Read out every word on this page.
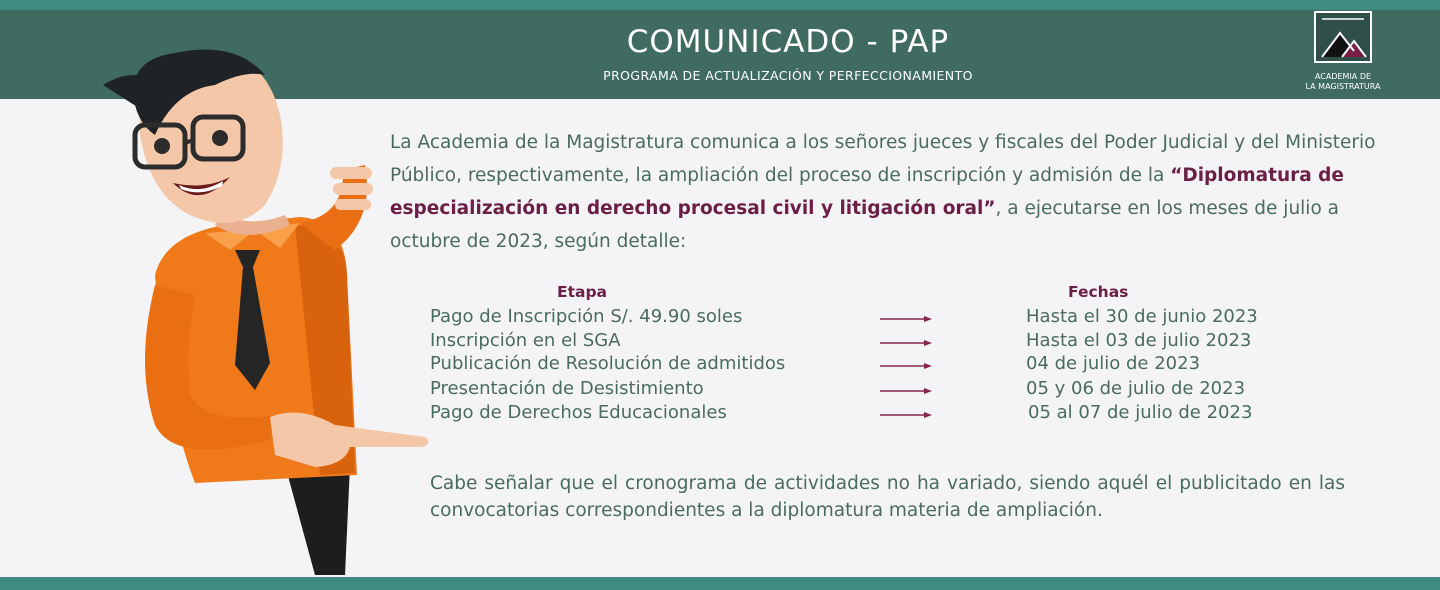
COMUNICADO - PAP
PROGRAMA DE ACTUALIZACIÓN Y PERFECCIONAMIENTO	ACADEMIA DE
LA MAGISTRATURA
La Academia de la Magistratura comunica a los señores jueces y fiscales del Poder Judicial y del Ministerio Público, respectivamente, la ampliación del proceso de inscripción y admisión de la “Diplomatura de especialización en derecho procesal civil y litigación oral”, a ejecutarse en los meses de julio a octubre de 2023, según detalle:
Etapa	Fechas
Pago de Inscripción S/. 49.90 soles	Hasta el 30 de junio 2023
Inscripción en el SGA	Hasta el 03 de julio 2023
Publicación de Resolución de admitidos	04 de julio de 2023
Presentación de Desistimiento	05 y 06 de julio de 2023
Pago de Derechos Educacionales	05 al 07 de julio de 2023
Cabe señalar que el cronograma de actividades no ha variado, siendo aquél el publicitado en las convocatorias correspondientes a la diplomatura materia de ampliación.
